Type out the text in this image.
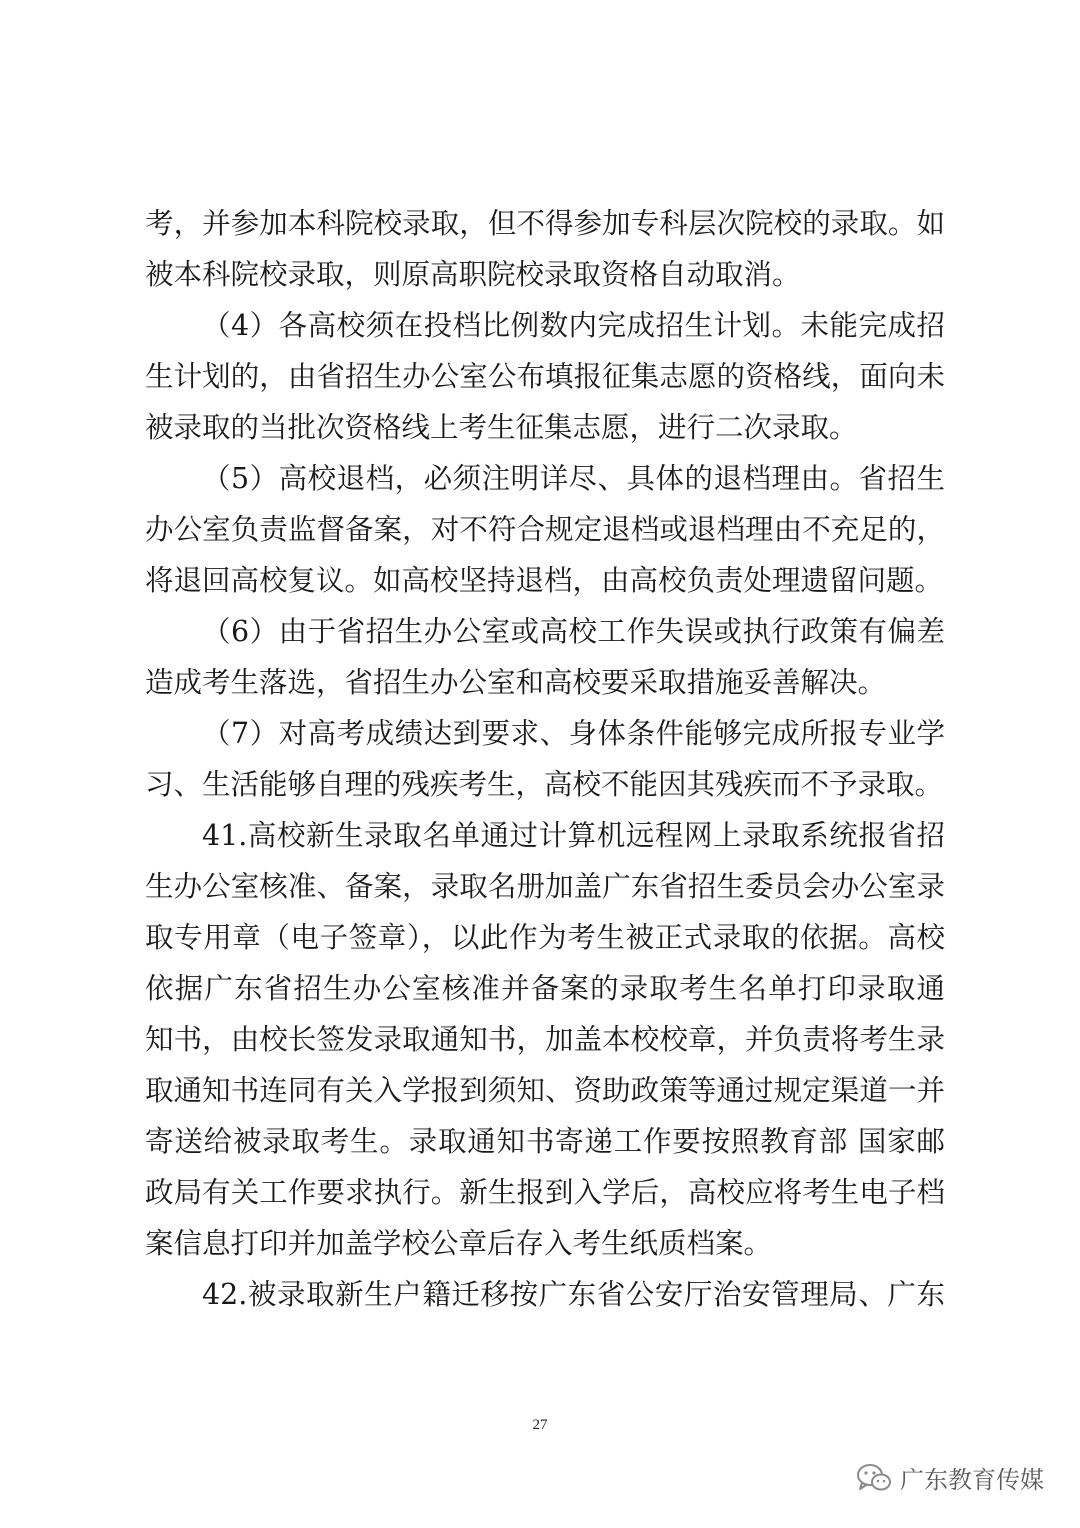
考，并参加本科院校录取，但不得参加专科层次院校的录取。如
被本科院校录取，则原高职院校录取资格自动取消。
（4）各高校须在投档比例数内完成招生计划。未能完成招
生计划的，由省招生办公室公布填报征集志愿的资格线，面向未
被录取的当批次资格线上考生征集志愿，进行二次录取。
（5）高校退档，必须注明详尽、具体的退档理由。省招生
办公室负责监督备案，对不符合规定退档或退档理由不充足的，
将退回高校复议。如高校坚持退档，由高校负责处理遗留问题。
（6）由于省招生办公室或高校工作失误或执行政策有偏差
造成考生落选，省招生办公室和高校要采取措施妥善解决。
（7）对高考成绩达到要求、身体条件能够完成所报专业学
习、生活能够自理的残疾考生，高校不能因其残疾而不予录取。
41.高校新生录取名单通过计算机远程网上录取系统报省招
生办公室核准、备案，录取名册加盖广东省招生委员会办公室录
取专用章（电子签章），以此作为考生被正式录取的依据。高校
依据广东省招生办公室核准并备案的录取考生名单打印录取通
知书，由校长签发录取通知书，加盖本校校章，并负责将考生录
取通知书连同有关入学报到须知、资助政策等通过规定渠道一并
寄送给被录取考生。录取通知书寄递工作要按照教育部 国家邮
政局有关工作要求执行。新生报到入学后，高校应将考生电子档
案信息打印并加盖学校公章后存入考生纸质档案。
42.被录取新生户籍迁移按广东省公安厅治安管理局、广东
27
广东教育传媒
